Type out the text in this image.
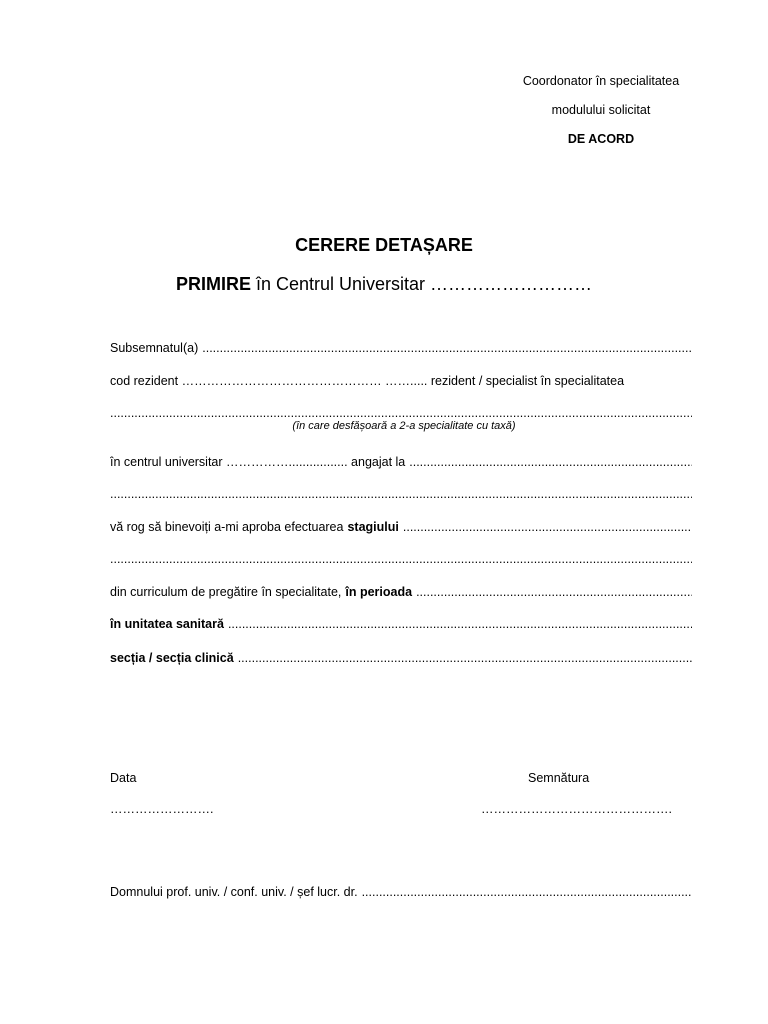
Coordonator în specialitatea
modulului solicitat
DE ACORD
CERERE DETAȘARE
PRIMIRE în Centrul Universitar ………………………
Subsemnatul(a)
.....
cod rezident ………………………………………… ……..... rezident / specialist în specialitatea
.....
(în care desfășoară a 2-a specialitate cu taxă)
în centrul universitar ……………................. angajat la
.....
.....
vă rog să binevoiți a-mi aproba efectuarea stagiului
.....
.....
din curriculum de pregătire în specialitate, în perioada
.....
în unitatea sanitară
.....
secția / secția clinică
.....
Data
…………………….
Semnătura
……………………………………….
Domnului prof. univ. / conf. univ. / șef lucr. dr.
.....
